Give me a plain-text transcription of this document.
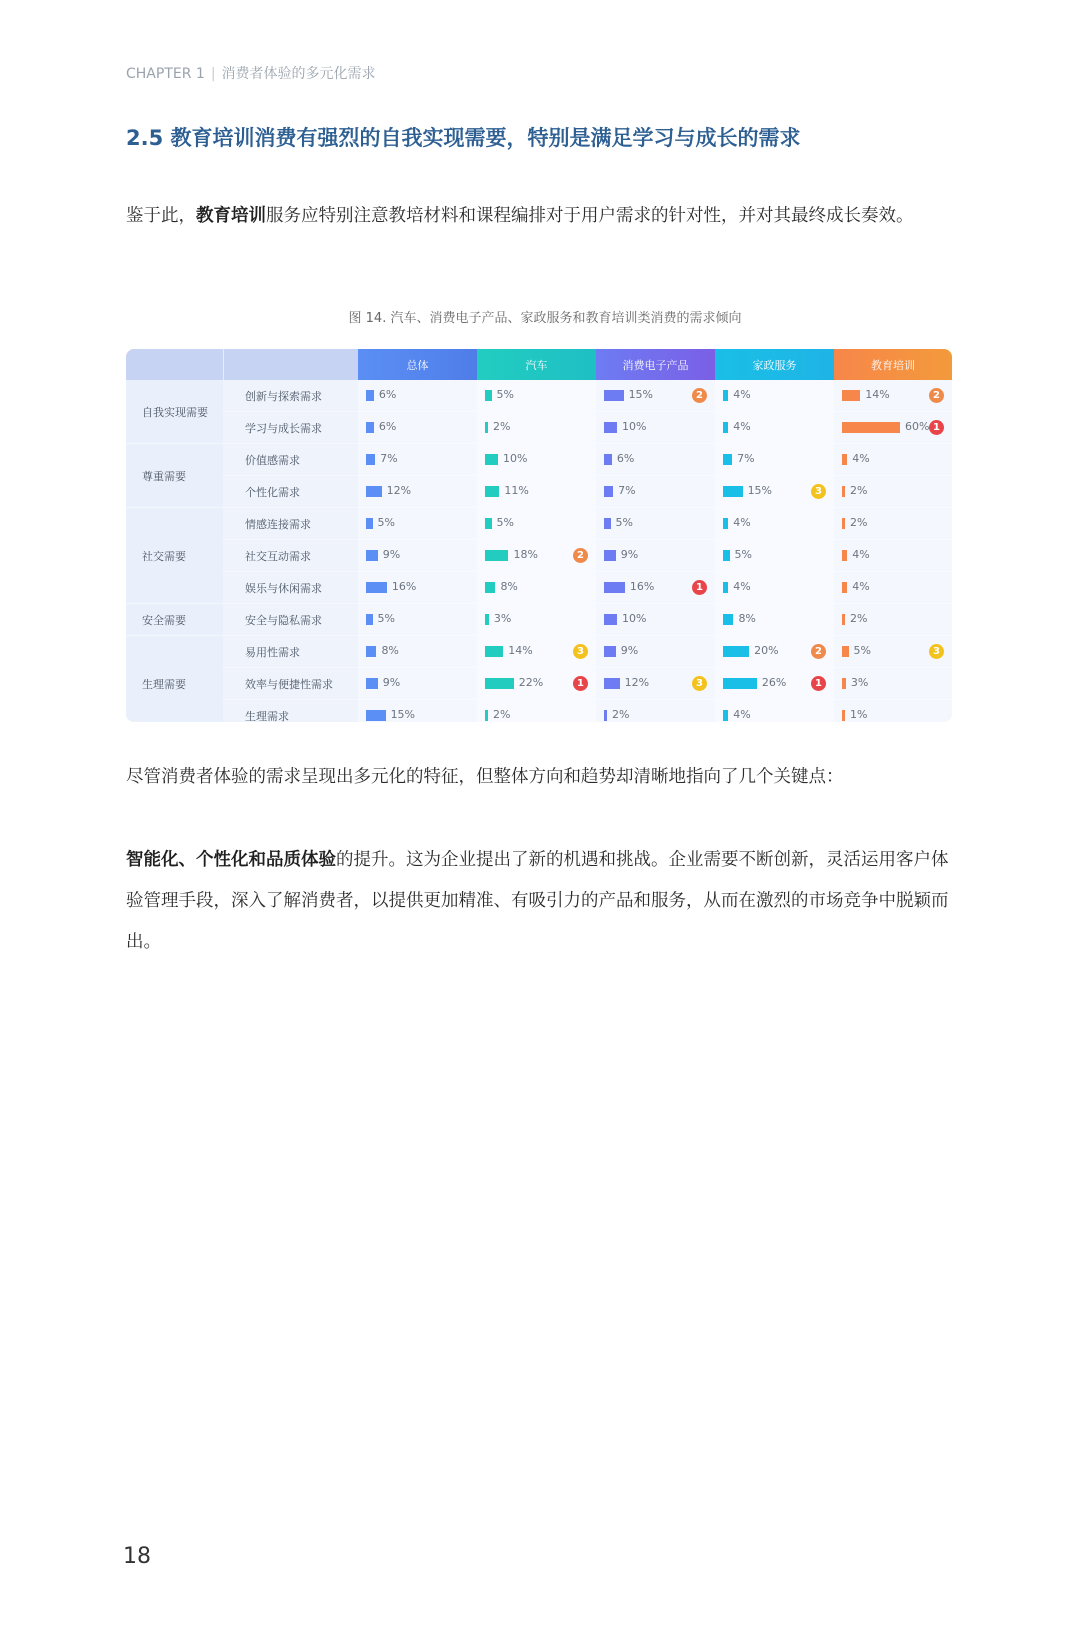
CHAPTER 1 | 消费者体验的多元化需求
2.5 教育培训消费有强烈的自我实现需要，特别是满足学习与成长的需求
鉴于此，教育培训服务应特别注意教培材料和课程编排对于用户需求的针对性，并对其最终成长奏效。
图 14. 汽车、消费电子产品、家政服务和教育培训类消费的需求倾向
		总体	汽车	消费电子产品	家政服务	教育培训
自我实现需要	创新与探索需求	6%	5%	15% 2	4%	14% 2

	学习与成长需求	6%	2%	10%	4%	60% 1

尊重需要	价值感需求	7%	10%	6%	7%	4%

	个性化需求	12%	11%	7%	15% 3	2%

社交需要	情感连接需求	5%	5%	5%	4%	2%

	社交互动需求	9%	18% 2	9%	5%	4%

	娱乐与休闲需求	16%	8%	16% 1	4%	4%

安全需要	安全与隐私需求	5%	3%	10%	8%	2%

生理需要	易用性需求	8%	14% 3	9%	20% 2	5% 3

	效率与便捷性需求	9%	22% 1	12% 3	26% 1	3%

	生理需求	15%	2%	2%	4%	1%
尽管消费者体验的需求呈现出多元化的特征，但整体方向和趋势却清晰地指向了几个关键点：
智能化、个性化和品质体验的提升。这为企业提出了新的机遇和挑战。企业需要不断创新，灵活运用客户体验管理手段，深入了解消费者，以提供更加精准、有吸引力的产品和服务，从而在激烈的市场竞争中脱颖而出。
18
